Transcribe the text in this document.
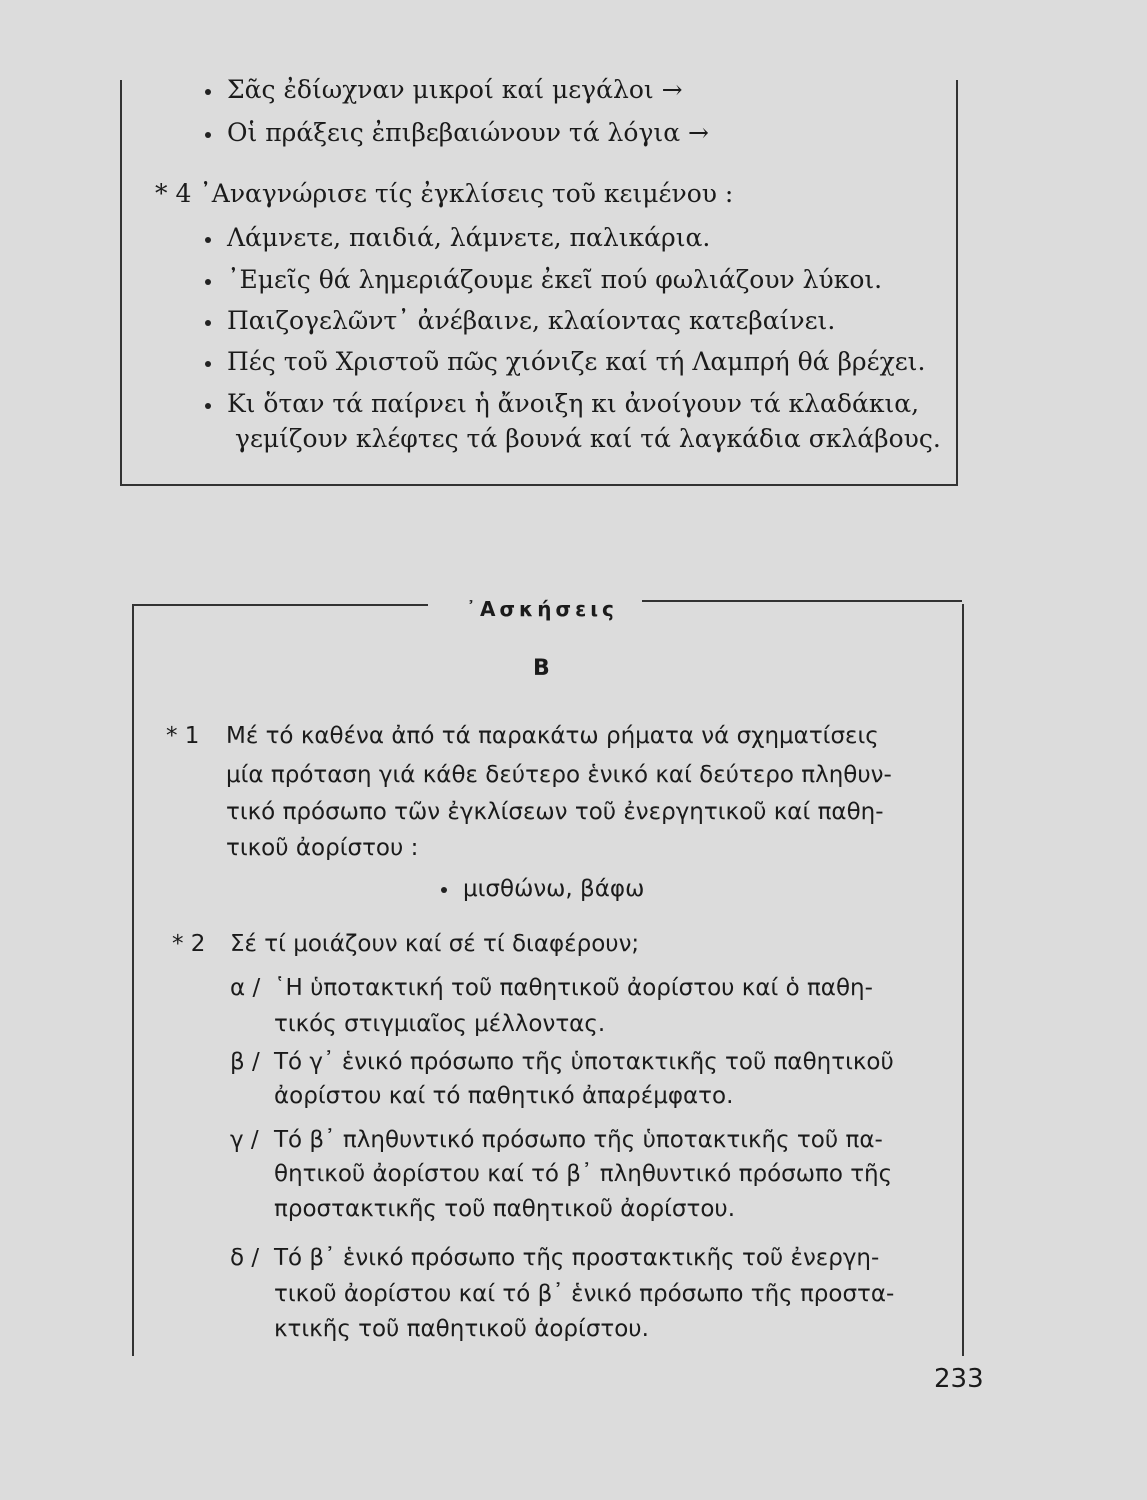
Σᾶς ἐδίωχναν μικροί καί μεγάλοι →
Οἱ πράξεις ἐπιβεβαιώνουν τά λόγια →
* 4 ᾿Αναγνώρισε τίς ἐγκλίσεις τοῦ κειμένου :
Λάμνετε, παιδιά, λάμνετε, παλικάρια.
᾿Εμεῖς θά λημεριάζουμε ἐκεῖ πού φωλιάζουν λύκοι.
Παιζογελῶντ᾿ ἀνέβαινε, κλαίοντας κατεβαίνει.
Πές τοῦ Χριστοῦ πῶς χιόνιζε καί τή Λαμπρή θά βρέχει.
Κι ὅταν τά παίρνει ἡ ἄνοιξη κι ἀνοίγουν τά κλαδάκια,
γεμίζουν κλέφτες τά βουνά καί τά λαγκάδια σκλάβους.
᾿Ασκήσεις
Β
* 1 Μέ τό καθένα ἀπό τά παρακάτω ρήματα νά σχηματίσεις
μία πρόταση γιά κάθε δεύτερο ἑνικό καί δεύτερο πληθυν-
τικό πρόσωπο τῶν ἐγκλίσεων τοῦ ἐνεργητικοῦ καί παθη-
τικοῦ ἀορίστου :
μισθώνω, βάφω
* 2 Σέ τί μοιάζουν καί σέ τί διαφέρουν;
α / ῾Η ὑποτακτική τοῦ παθητικοῦ ἀορίστου καί ὁ παθη-
τικός στιγμιαῖος μέλλοντας.
β / Τό γ᾿ ἑνικό πρόσωπο τῆς ὑποτακτικῆς τοῦ παθητικοῦ
ἀορίστου καί τό παθητικό ἀπαρέμφατο.
γ / Τό β᾿ πληθυντικό πρόσωπο τῆς ὑποτακτικῆς τοῦ πα-
θητικοῦ ἀορίστου καί τό β᾿ πληθυντικό πρόσωπο τῆς
προστακτικῆς τοῦ παθητικοῦ ἀορίστου.
δ / Τό β᾿ ἑνικό πρόσωπο τῆς προστακτικῆς τοῦ ἐνεργη-
τικοῦ ἀορίστου καί τό β᾿ ἑνικό πρόσωπο τῆς προστα-
κτικῆς τοῦ παθητικοῦ ἀορίστου.
233
